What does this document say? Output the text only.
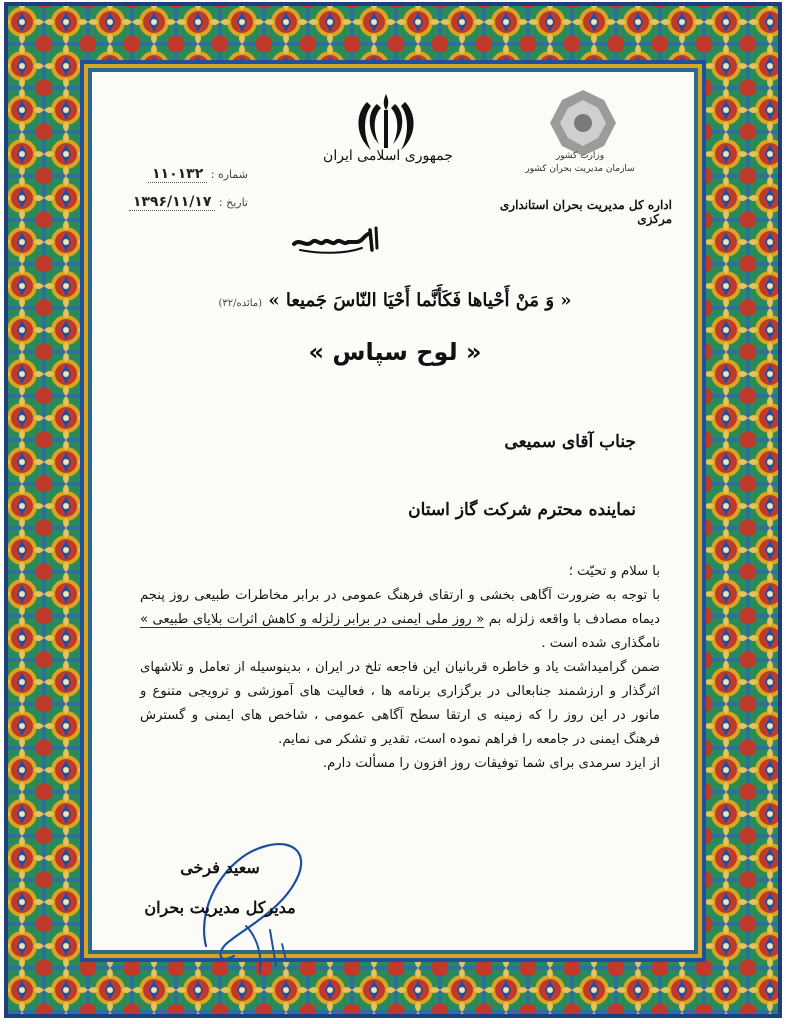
جمهوری اسلامی ایران	وزارت کشور
سازمان مدیریت بحران کشور
اداره کل مدیریت بحران استانداری مرکزی
شماره : ۱۱۰۱۳۲
تاریخ : ۱۳۹۶/۱۱/۱۷
« وَ مَنْ أَحْیاها فَکَأَنَّما أَحْیَا النّاسَ جَمیعا » (مائده/۳۲)
« لوح سپاس »
جناب آقای سمیعی
نماینده محترم شرکت گاز استان

با سلام و تحیّت ؛

با توجه به ضرورت آگاهی بخشی و ارتقای فرهنگ عمومی در برابر مخاطرات طبیعی روز پنجم دیماه مصادف با واقعه زلزله بم « روز ملی ایمنی در برابر زلزله و کاهش اثرات بلایای طبیعی » نامگذاری شده است .

ضمن گرامیداشت یاد و خاطره قربانیان این فاجعه تلخ در ایران ، بدینوسیله از تعامل و تلاشهای اثرگذار و ارزشمند جنابعالی در برگزاری برنامه ها ، فعالیت های آموزشی و ترویجی متنوع و مانور در این روز را که زمینه ی ارتقا سطح آگاهی عمومی ، شاخص های ایمنی و گسترش فرهنگ ایمنی در جامعه را فراهم نموده است، تقدیر و تشکر می نمایم.

از ایزد سرمدی برای شما توفیقات روز افزون را مسألت دارم.

سعید فرخی
مدیرکل مدیریت بحران
